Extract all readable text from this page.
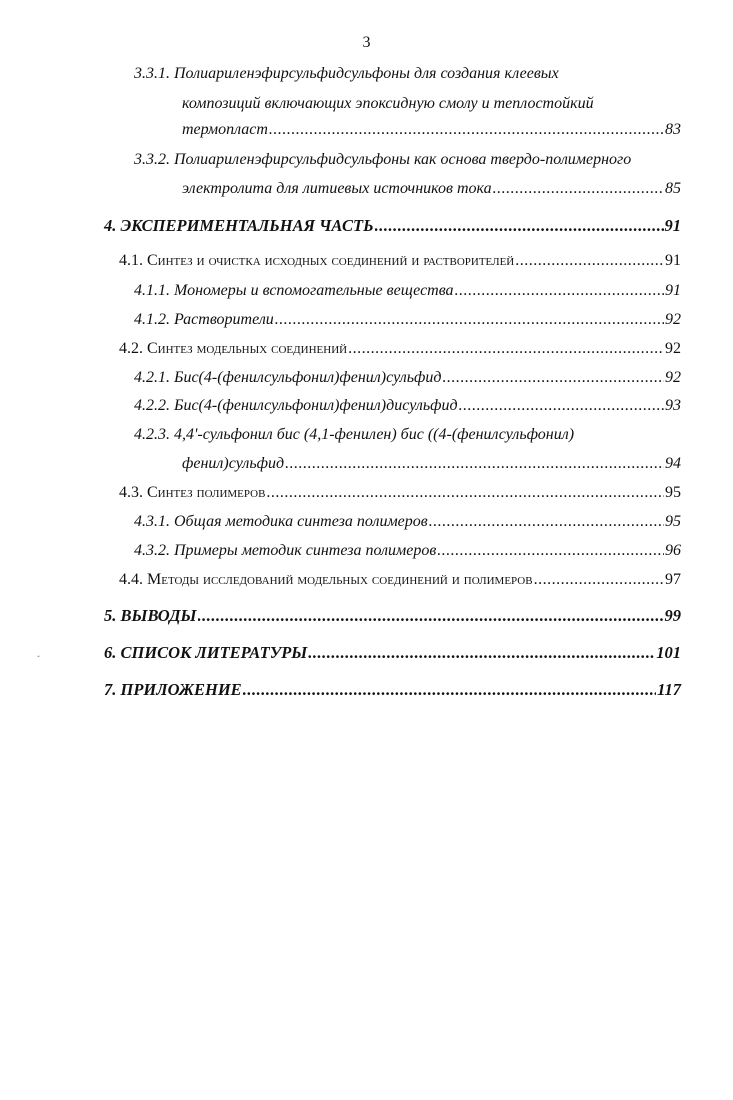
3
3.3.1. Полиариленэфирсульфидсульфоны для создания клеевых
композиций включающих эпоксидную смолу и теплостойкий
термопласт .....	83
3.3.2. Полиариленэфирсульфидсульфоны как основа твердо-полимерного
электролита для литиевых источников тока .....	85
4. ЭКСПЕРИМЕНТАЛЬНАЯ ЧАСТЬ .....	91
4.1. Синтез и очистка исходных соединений и растворителей .....	91
4.1.1. Мономеры и вспомогательные вещества .....	91
4.1.2. Растворители .....	92
4.2. Синтез модельных соединений .....	92
4.2.1. Бис(4-(фенилсульфонил)фенил)сульфид .....	92
4.2.2. Бис(4-(фенилсульфонил)фенил)дисульфид .....	93
4.2.3. 4,4'-сульфонил бис (4,1-фенилен) бис ((4-(фенилсульфонил)
фенил)сульфид .....	94
4.3. Синтез полимеров .....	95
4.3.1. Общая методика синтеза полимеров .....	95
4.3.2. Примеры методик синтеза полимеров .....	96
4.4. Методы исследований модельных соединений и полимеров .....	97
5. ВЫВОДЫ .....	99
6. СПИСОК ЛИТЕРАТУРЫ .....	101
7. ПРИЛОЖЕНИЕ .....	117
ˇ
